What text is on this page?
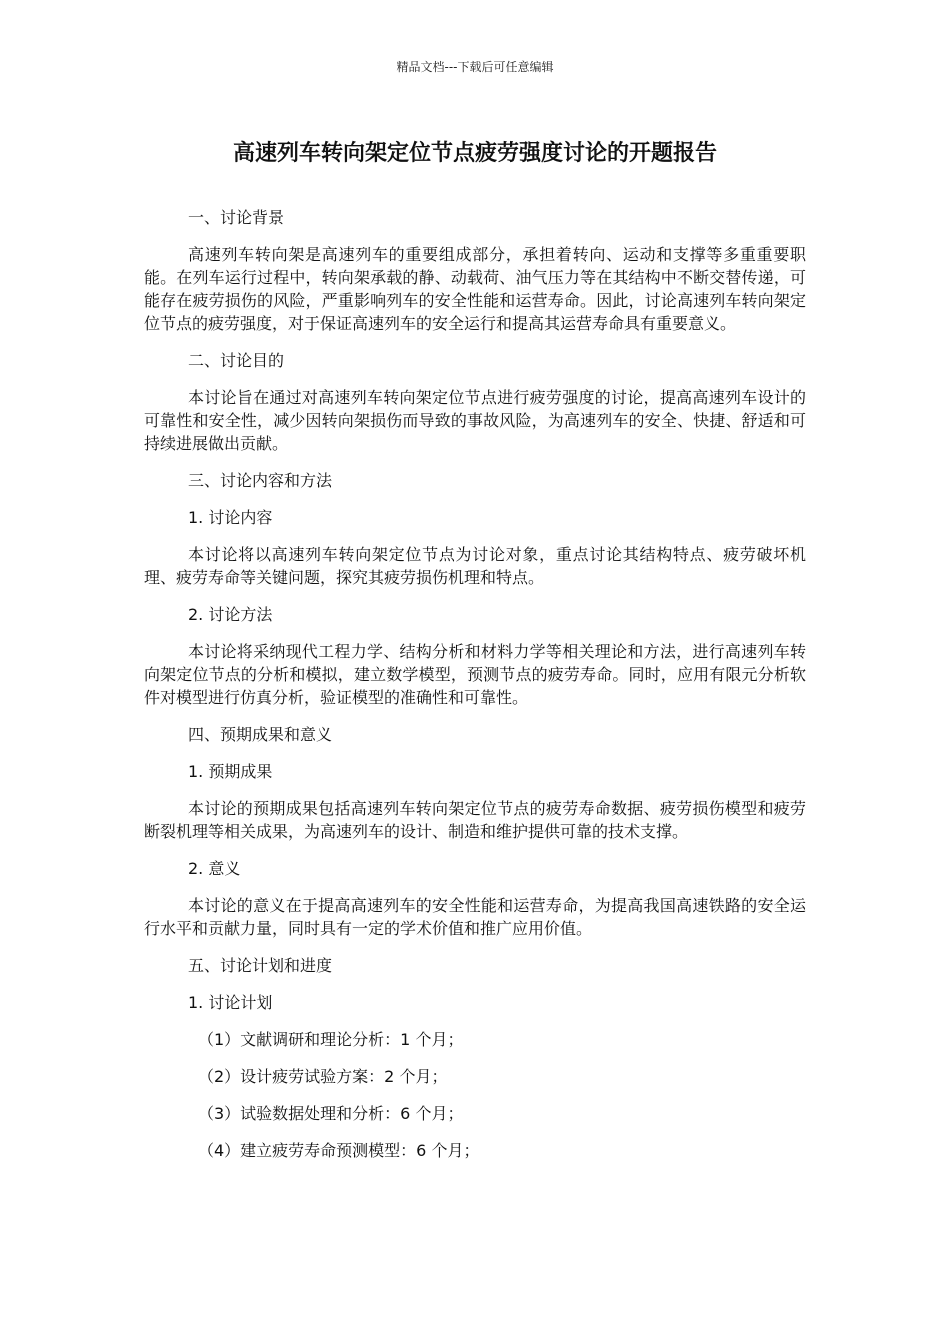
精品文档---下载后可任意编辑
高速列车转向架定位节点疲劳强度讨论的开题报告
一、讨论背景
高速列车转向架是高速列车的重要组成部分，承担着转向、运动和支撑等多重重要职能。在列车运行过程中，转向架承载的静、动载荷、油气压力等在其结构中不断交替传递，可能存在疲劳损伤的风险，严重影响列车的安全性能和运营寿命。因此，讨论高速列车转向架定位节点的疲劳强度，对于保证高速列车的安全运行和提高其运营寿命具有重要意义。
二、讨论目的
本讨论旨在通过对高速列车转向架定位节点进行疲劳强度的讨论，提高高速列车设计的可靠性和安全性，减少因转向架损伤而导致的事故风险，为高速列车的安全、快捷、舒适和可持续进展做出贡献。
三、讨论内容和方法
1. 讨论内容
本讨论将以高速列车转向架定位节点为讨论对象，重点讨论其结构特点、疲劳破坏机理、疲劳寿命等关键问题，探究其疲劳损伤机理和特点。
2. 讨论方法
本讨论将采纳现代工程力学、结构分析和材料力学等相关理论和方法，进行高速列车转向架定位节点的分析和模拟，建立数学模型，预测节点的疲劳寿命。同时，应用有限元分析软件对模型进行仿真分析，验证模型的准确性和可靠性。
四、预期成果和意义
1. 预期成果
本讨论的预期成果包括高速列车转向架定位节点的疲劳寿命数据、疲劳损伤模型和疲劳断裂机理等相关成果，为高速列车的设计、制造和维护提供可靠的技术支撑。
2. 意义
本讨论的意义在于提高高速列车的安全性能和运营寿命，为提高我国高速铁路的安全运行水平和贡献力量，同时具有一定的学术价值和推广应用价值。
五、讨论计划和进度
1. 讨论计划
（1）文献调研和理论分析：1 个月；
（2）设计疲劳试验方案：2 个月；
（3）试验数据处理和分析：6 个月；
（4）建立疲劳寿命预测模型：6 个月；
